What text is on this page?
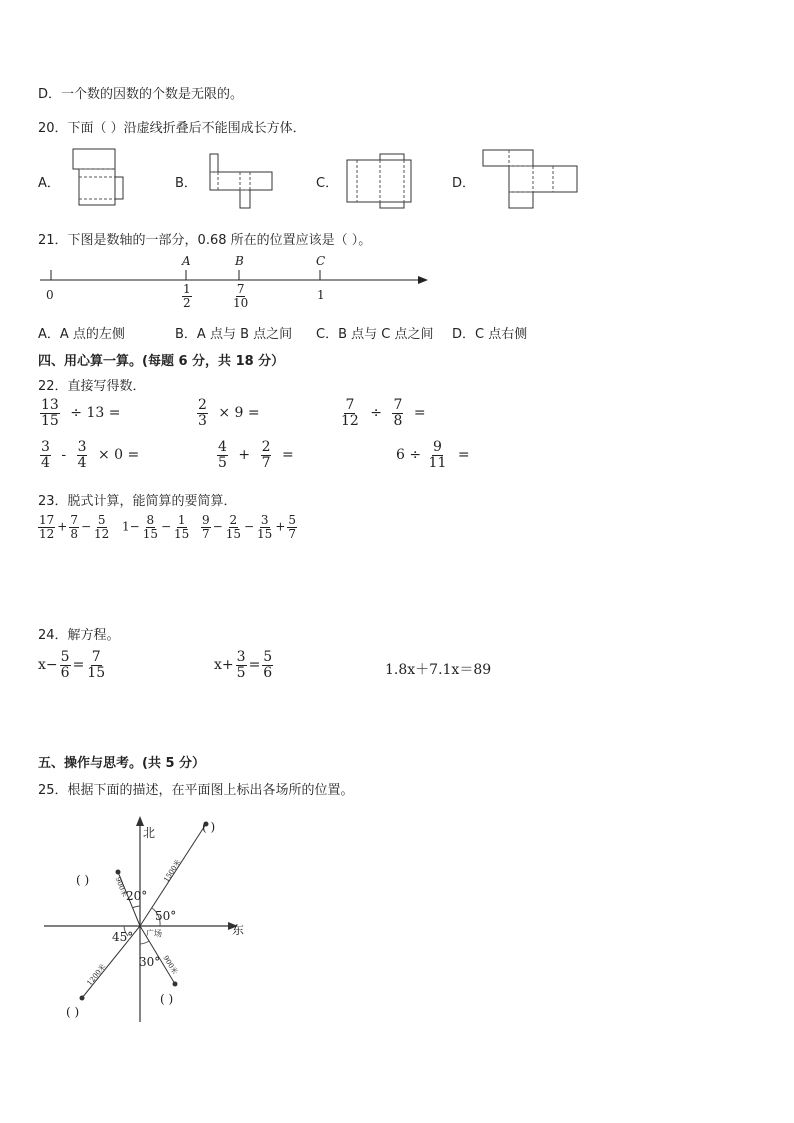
D．一个数的因数的个数是无限的。
20．下面（ ）沿虚线折叠后不能围成长方体．
A．	B．	C．	D．
21．下图是数轴的一部分，0.68 所在的位置应该是（ ）。
0
A	B	C
$\frac{1}{2}$	$\frac{7}{10}$	1
A．A 点的左侧	B．A 点与 B 点之间 C．B 点与 C 点之间 D．C 点右侧
四、用心算一算。(每题 6 分，共 18 分）
22．直接写得数．
$\frac{13}{15} \div 13$ =	$\frac{2}{3} \times 9$ =	$\frac{7}{12} \div \frac{7}{8}$ =
$\frac{3}{4} - \frac{3}{4} \times 0$ =	$\frac{4}{5} + \frac{2}{7}$ =	$6 \div \frac{9}{11}$ =
23．脱式计算，能简算的要简算．
$\frac{17}{12} + \frac{7}{8} - \frac{5}{12} 1- \frac{8}{15} - \frac{1}{15} \frac{9}{7} - \frac{2}{15} - \frac{3}{15} + \frac{5}{7}$
24．解方程。
$x- \frac{5}{6} = \frac{7}{15}$	$x+ \frac{3}{5} = \frac{5}{6}$	1.8x＋7.1x＝89
五、操作与思考。(共 5 分）
25．根据下面的描述，在平面图上标出各场所的位置。
北
东
广场
20°
50°
45°
30°
1500米
900米
1200米	900米
( )
( )
( )
( )
